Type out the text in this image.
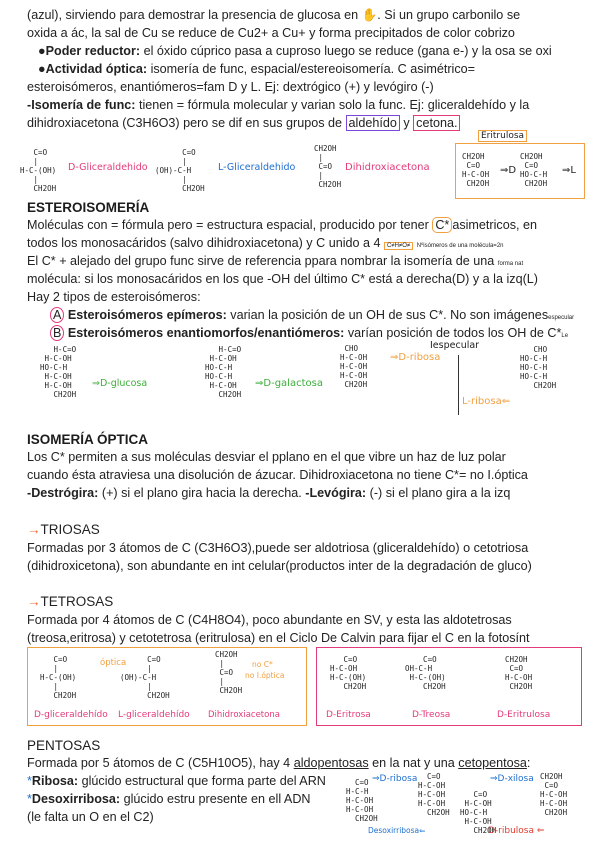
(azul), sirviendo para demostrar la presencia de glucosa en ✋. Si un grupo carbonilo se
oxida a ác, la sal de Cu se reduce de Cu2+ a Cu+ y forma precipitados de color cobrizo
●Poder reductor: el óxido cúprico pasa a cuproso luego se reduce (gana e-) y la osa se oxi
●Actividad óptica: isomería de func, espacial/estereoisomería. C asimétrico=
esteroisómeros, enantiómeros=fam D y L. Ej: dextrógico (+) y levógiro (-)
-Isomería de func: tienen = fórmula molecular y varian solo la func. Ej: gliceraldehído y la
dihidroxiacetona (C3H6O3) pero se dif en sus grupos de aldehído y cetona.
C=O
|
H-C-(OH)
|
CH2OH
D-Gliceraldehido
C=O
|
(OH)-C-H
|
CH2OH
L-Gliceraldehido
CH2OH
|
C=O
|
CH2OH
Dihidroxiacetona
Eritrulosa
CH2OH
C=O
H-C-OH
CH2OH
⇒D
CH2OH
C=O
HO-C-H
CH2OH
⇒L
ESTEROISOMERÍA
Moléculas con = fórmula pero = estructura espacial, producido por tener C* asimetricos, en
todos los monosacáridos (salvo dihidroxiacetona) y C unido a 4 C≠H≠O≠ Nºisómeros de una molécula=2n
El C* + alejado del grupo func sirve de referencia ppara nombrar la isomería de una forma nat
molécula: si los monosacáridos en los que -OH del último C* está a derecha(D) y a la izq(L)
Hay 2 tipos de esteroisómeros:
A Esteroisómeros epímeros: varian la posición de un OH de sus C*. No son imágenesespecular
B Esteroisómeros enantiomorfos/enantiómeros: varían posición de todos los OH de C*Le
H-C=O
H-C-OH
HO-C-H
H-C-OH
H-C-OH
CH2OH
⇒D-glucosa
H-C=O
H-C-OH
HO-C-H
HO-C-H
H-C-OH
CH2OH
⇒D-galactosa
CHO
H-C-OH
H-C-OH
H-C-OH
CH2OH
⇒D-ribosa
Iespecular
L-ribosa⇐
CHO
HO-C-H
HO-C-H
HO-C-H
CH2OH
ISOMERÍA ÓPTICA
Los C* permiten a sus moléculas desviar el pplano en el que vibre un haz de luz polar
cuando ésta atraviesa una disolución de ázucar. Dihidroxiacetona no tiene C*= no I.óptica
-Destrógira: (+) si el plano gira hacia la derecha. -Levógira: (-) si el plano gira a la izq
→TRIOSAS
Formadas por 3 átomos de C (C3H6O3),puede ser aldotriosa (gliceraldehído) o cetotriosa
(dihidroxicetona), son abundante en int celular(productos inter de la degradación de gluco)
→TETROSAS
Formada por 4 átomos de C (C4H8O4), poco abundante en SV, y esta las aldotetrosas
(treosa,eritrosa) y cetotetrosa (eritrulosa) en el Ciclo De Calvin para fijar el C en la fotosínt
C=O
|
H-C-(OH)
|
CH2OH
óptica	C=O
|
(OH)-C-H
|
CH2OH
CH2OH
|
C=O
|
CH2OH
no C*
no I.óptica
D-gliceraldehído L-gliceraldehído Dihidroxiacetona
C=O
H-C-OH
H-C-(OH)
CH2OH
C=O
OH-C-H
H-C-(OH)
CH2OH
CH2OH
C=O
H-C-OH
CH2OH
D-Eritrosa	D-Treosa	D-Eritrulosa
PENTOSAS
Formada por 5 átomos de C (C5H10O5), hay 4 aldopentosas en la nat y una cetopentosa:
*Ribosa: glúcido estructural que forma parte del ARN
*Desoxirribosa: glúcido estru presente en ell ADN
(le falta un O en el C2)
C=O
H-C-H
H-C-OH
H-C-OH
CH2OH
Desoxirribosa⇐
⇒D-ribosa	C=O
H-C-OH
H-C-OH
H-C-OH
CH2OH
⇒D-xilosa
C=O
H-C-OH
HO-C-H
H-C-OH
CH2OH
D-ribulosa ⇐
CH2OH
C=O
H-C-OH
H-C-OH
CH2OH
